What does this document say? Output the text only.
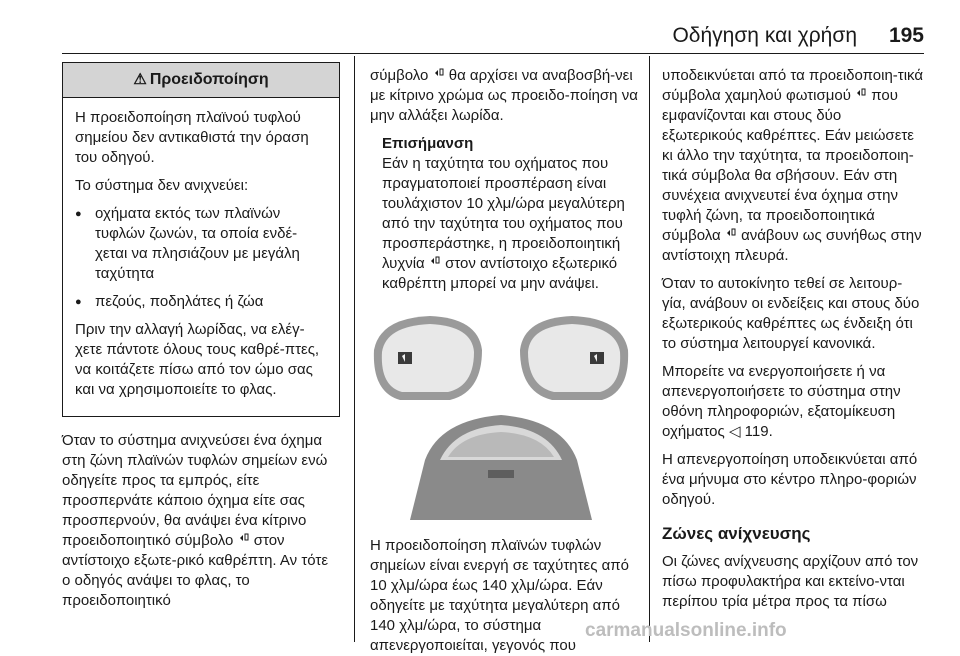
Οδήγηση και χρήση 195
⚠ Προειδοποίηση

Η προειδοποίηση πλαϊνού τυφλού σημείου δεν αντικαθιστά την όραση του οδηγού.

Το σύστημα δεν ανιχνεύει:

● οχήματα εκτός των πλαϊνών τυφλών ζωνών, τα οποία ενδέ-χεται να πλησιάζουν με μεγάλη ταχύτητα
● πεζούς, ποδηλάτες ή ζώα

Πριν την αλλαγή λωρίδας, να ελέγ-χετε πάντοτε όλους τους καθρέ-πτες, να κοιτάζετε πίσω από τον ώμο σας και να χρησιμοποιείτε το φλας.

Όταν το σύστημα ανιχνεύσει ένα όχημα στη ζώνη πλαϊνών τυφλών σημείων ενώ οδηγείτε προς τα εμπρός, είτε προσπερνάτε κάποιο όχημα είτε σας προσπερνούν, θα ανάψει ένα κίτρινο προειδοποιητικό σύμβολο στον αντίστοιχο εξωτε-ρικό καθρέπτη. Αν τότε ο οδηγός ανάψει το φλας, το προειδοποιητικό

σύμβολο θα αρχίσει να αναβοσβή-νει με κίτρινο χρώμα ως προειδο-ποίηση να μην αλλάξει λωρίδα.

Επισήμανση
Εάν η ταχύτητα του οχήματος που πραγματοποιεί προσπέραση είναι τουλάχιστον 10 χλμ/ώρα μεγαλύτερη από την ταχύτητα του οχήματος που προσπεράστηκε, η προειδοποιητική λυχνία στον αντίστοιχο εξωτερικό καθρέπτη μπορεί να μην ανάψει.

Η προειδοποίηση πλαϊνών τυφλών σημείων είναι ενεργή σε ταχύτητες από 10 χλμ/ώρα έως 140 χλμ/ώρα. Εάν οδηγείτε με ταχύτητα μεγαλύτερη από 140 χλμ/ώρα, το σύστημα απενεργοποιείται, γεγονός που

υποδεικνύεται από τα προειδοποιη-τικά σύμβολα χαμηλού φωτισμού που εμφανίζονται και στους δύο εξωτερικούς καθρέπτες. Εάν μειώσετε κι άλλο την ταχύτητα, τα προειδοποιη-τικά σύμβολα θα σβήσουν. Εάν στη συνέχεια ανιχνευτεί ένα όχημα στην τυφλή ζώνη, τα προειδοποιητικά σύμβολα ανάβουν ως συνήθως στην αντίστοιχη πλευρά.

Όταν το αυτοκίνητο τεθεί σε λειτουρ-γία, ανάβουν οι ενδείξεις και στους δύο εξωτερικούς καθρέπτες ως ένδειξη ότι το σύστημα λειτουργεί κανονικά.

Μπορείτε να ενεργοποιήσετε ή να απενεργοποιήσετε το σύστημα στην οθόνη πληροφοριών, εξατομίκευση οχήματος ◁ 119.

Η απενεργοποίηση υποδεικνύεται από ένα μήνυμα στο κέντρο πληρο-φοριών οδηγού.

Ζώνες ανίχνευσης

Οι ζώνες ανίχνευσης αρχίζουν από τον πίσω προφυλακτήρα και εκτείνο-νται περίπου τρία μέτρα προς τα πίσω

carmanualsonline.info
